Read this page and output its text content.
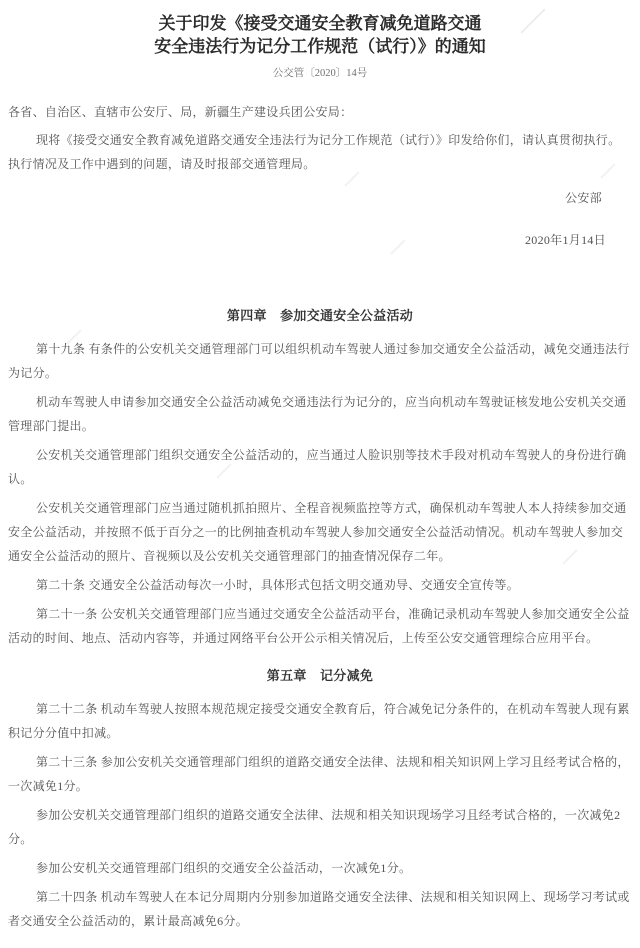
关于印发《接受交通安全教育减免道路交通
安全违法行为记分工作规范（试行）》的通知
公交管〔2020〕14号

各省、自治区、直辖市公安厅、局，新疆生产建设兵团公安局：

现将《接受交通安全教育减免道路交通安全违法行为记分工作规范（试行）》印发给你们，请认真贯彻执行。执行情况及工作中遇到的问题，请及时报部交通管理局。

公安部

2020年1月14日

第四章　参加交通安全公益活动

第十九条 有条件的公安机关交通管理部门可以组织机动车驾驶人通过参加交通安全公益活动，减免交通违法行为记分。

机动车驾驶人申请参加交通安全公益活动减免交通违法行为记分的，应当向机动车驾驶证核发地公安机关交通管理部门提出。

公安机关交通管理部门组织交通安全公益活动的，应当通过人脸识别等技术手段对机动车驾驶人的身份进行确认。

公安机关交通管理部门应当通过随机抓拍照片、全程音视频监控等方式，确保机动车驾驶人本人持续参加交通安全公益活动，并按照不低于百分之一的比例抽查机动车驾驶人参加交通安全公益活动情况。机动车驾驶人参加交通安全公益活动的照片、音视频以及公安机关交通管理部门的抽查情况保存二年。

第二十条 交通安全公益活动每次一小时，具体形式包括文明交通劝导、交通安全宣传等。

第二十一条 公安机关交通管理部门应当通过交通安全公益活动平台，准确记录机动车驾驶人参加交通安全公益活动的时间、地点、活动内容等，并通过网络平台公开公示相关情况后，上传至公安交通管理综合应用平台。

第五章　记分减免

第二十二条 机动车驾驶人按照本规范规定接受交通安全教育后，符合减免记分条件的，在机动车驾驶人现有累积记分分值中扣减。

第二十三条 参加公安机关交通管理部门组织的道路交通安全法律、法规和相关知识网上学习且经考试合格的，一次减免1分。

参加公安机关交通管理部门组织的道路交通安全法律、法规和相关知识现场学习且经考试合格的，一次减免2分。

参加公安机关交通管理部门组织的交通安全公益活动，一次减免1分。

第二十四条 机动车驾驶人在本记分周期内分别参加道路交通安全法律、法规和相关知识网上、现场学习考试或者交通安全公益活动的，累计最高减免6分。
